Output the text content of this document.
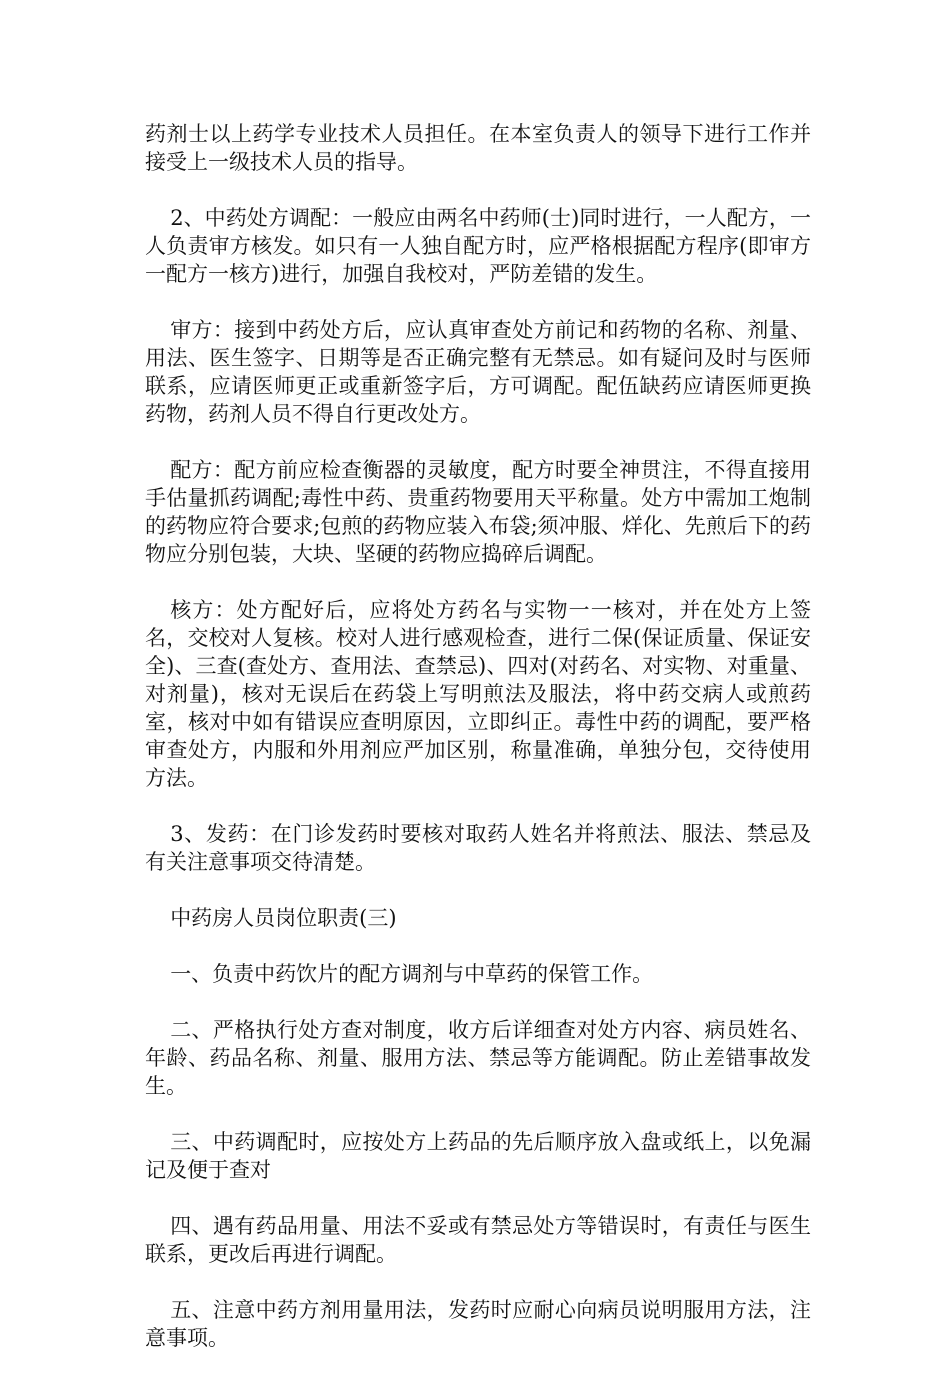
药剂士以上药学专业技术人员担任。在本室负责人的领导下进行工作并接受上一级技术人员的指导。

2、中药处方调配：一般应由两名中药师(士)同时进行，一人配方，一人负责审方核发。如只有一人独自配方时，应严格根据配方程序(即审方一配方一核方)进行，加强自我校对，严防差错的发生。

审方：接到中药处方后，应认真审查处方前记和药物的名称、剂量、用法、医生签字、日期等是否正确完整有无禁忌。如有疑问及时与医师联系，应请医师更正或重新签字后，方可调配。配伍缺药应请医师更换药物，药剂人员不得自行更改处方。

配方：配方前应检查衡器的灵敏度，配方时要全神贯注，不得直接用手估量抓药调配;毒性中药、贵重药物要用天平称量。处方中需加工炮制的药物应符合要求;包煎的药物应装入布袋;须冲服、烊化、先煎后下的药物应分别包装，大块、坚硬的药物应捣碎后调配。

核方：处方配好后，应将处方药名与实物一一核对，并在处方上签名，交校对人复核。校对人进行感观检查，进行二保(保证质量、保证安全)、三查(查处方、查用法、查禁忌)、四对(对药名、对实物、对重量、对剂量)，核对无误后在药袋上写明煎法及服法，将中药交病人或煎药室，核对中如有错误应查明原因，立即纠正。毒性中药的调配，要严格审查处方，内服和外用剂应严加区别，称量准确，单独分包，交待使用方法。

3、发药：在门诊发药时要核对取药人姓名并将煎法、服法、禁忌及有关注意事项交待清楚。

中药房人员岗位职责(三)

一、负责中药饮片的配方调剂与中草药的保管工作。

二、严格执行处方查对制度，收方后详细查对处方内容、病员姓名、年龄、药品名称、剂量、服用方法、禁忌等方能调配。防止差错事故发生。

三、中药调配时，应按处方上药品的先后顺序放入盘或纸上，以免漏记及便于查对

四、遇有药品用量、用法不妥或有禁忌处方等错误时，有责任与医生联系，更改后再进行调配。

五、注意中药方剂用量用法，发药时应耐心向病员说明服用方法，注意事项。
